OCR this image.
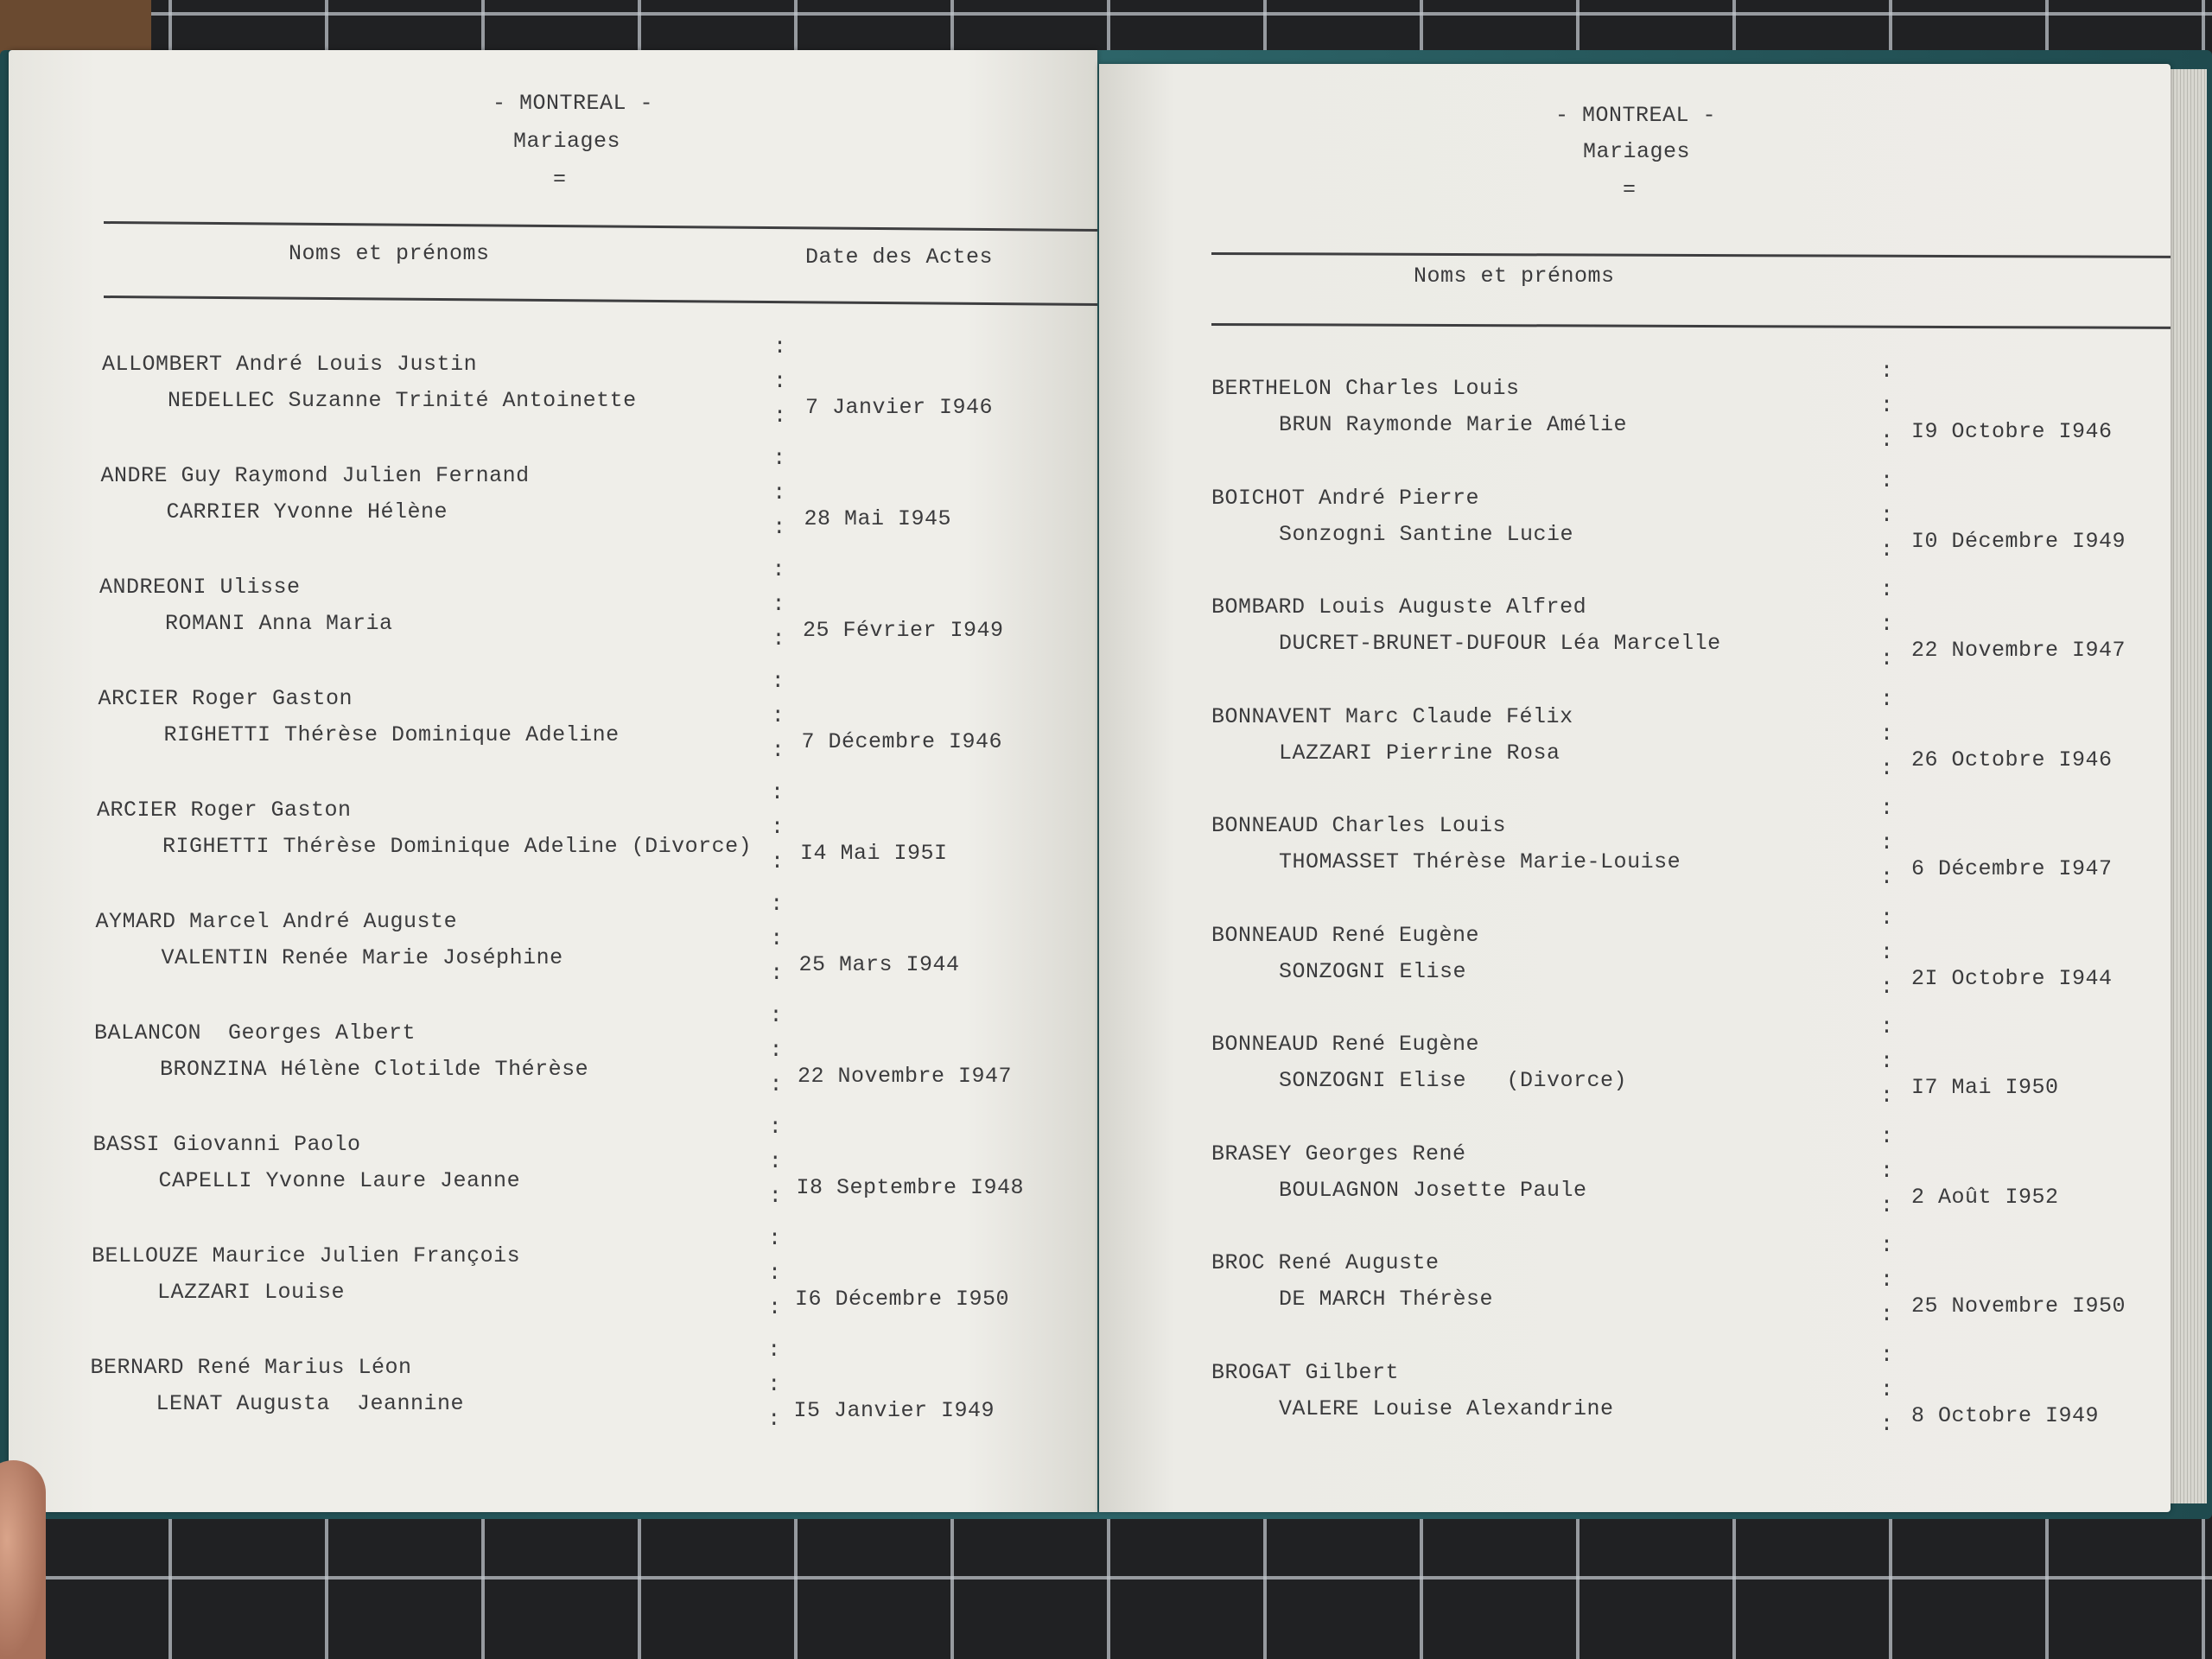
- MONTREAL -
Mariages
=
Noms et prénoms	Date des Actes
ALLOMBERT André Louis Justin
NEDELLEC Suzanne Trinité Antoinette	7 Janvier I946
:
:
:
ANDRE Guy Raymond Julien Fernand
CARRIER Yvonne Hélène	28 Mai I945
:
:
:
ANDREONI Ulisse
ROMANI Anna Maria	25 Février I949
:
:
:
ARCIER Roger Gaston
RIGHETTI Thérèse Dominique Adeline	7 Décembre I946
:
:
:
ARCIER Roger Gaston
RIGHETTI Thérèse Dominique Adeline (Divorce) I4 Mai I95I
:
:
:
AYMARD Marcel André Auguste
VALENTIN Renée Marie Joséphine	25 Mars I944
:
:
:
BALANCON  Georges Albert
BRONZINA Hélène Clotilde Thérèse	22 Novembre I947
:
:
:
BASSI Giovanni Paolo
CAPELLI Yvonne Laure Jeanne	I8 Septembre I948
:
:
:
BELLOUZE Maurice Julien François
LAZZARI Louise	I6 Décembre I950
:
:
:
BERNARD René Marius Léon
LENAT Augusta  Jeannine	I5 Janvier I949
:
:
:
- MONTREAL -
Mariages
=
Noms et prénoms
BERTHELON Charles Louis
BRUN Raymonde Marie Amélie	I9 Octobre I946
:
:
:
BOICHOT André Pierre
Sonzogni Santine Lucie	I0 Décembre I949
:
:
:
BOMBARD Louis Auguste Alfred
DUCRET-BRUNET-DUFOUR Léa Marcelle	22 Novembre I947
:
:
:
BONNAVENT Marc Claude Félix
LAZZARI Pierrine Rosa	26 Octobre I946
:
:
:
BONNEAUD Charles Louis
THOMASSET Thérèse Marie-Louise	6 Décembre I947
:
:
:
BONNEAUD René Eugène
SONZOGNI Elise	2I Octobre I944
:
:
:
BONNEAUD René Eugène
SONZOGNI Elise   (Divorce)	I7 Mai I950
:
:
:
BRASEY Georges René
BOULAGNON Josette Paule	2 Août I952
:
:
:
BROC René Auguste
DE MARCH Thérèse	25 Novembre I950
:
:
:
BROGAT Gilbert
VALERE Louise Alexandrine	8 Octobre I949
:
:
:
